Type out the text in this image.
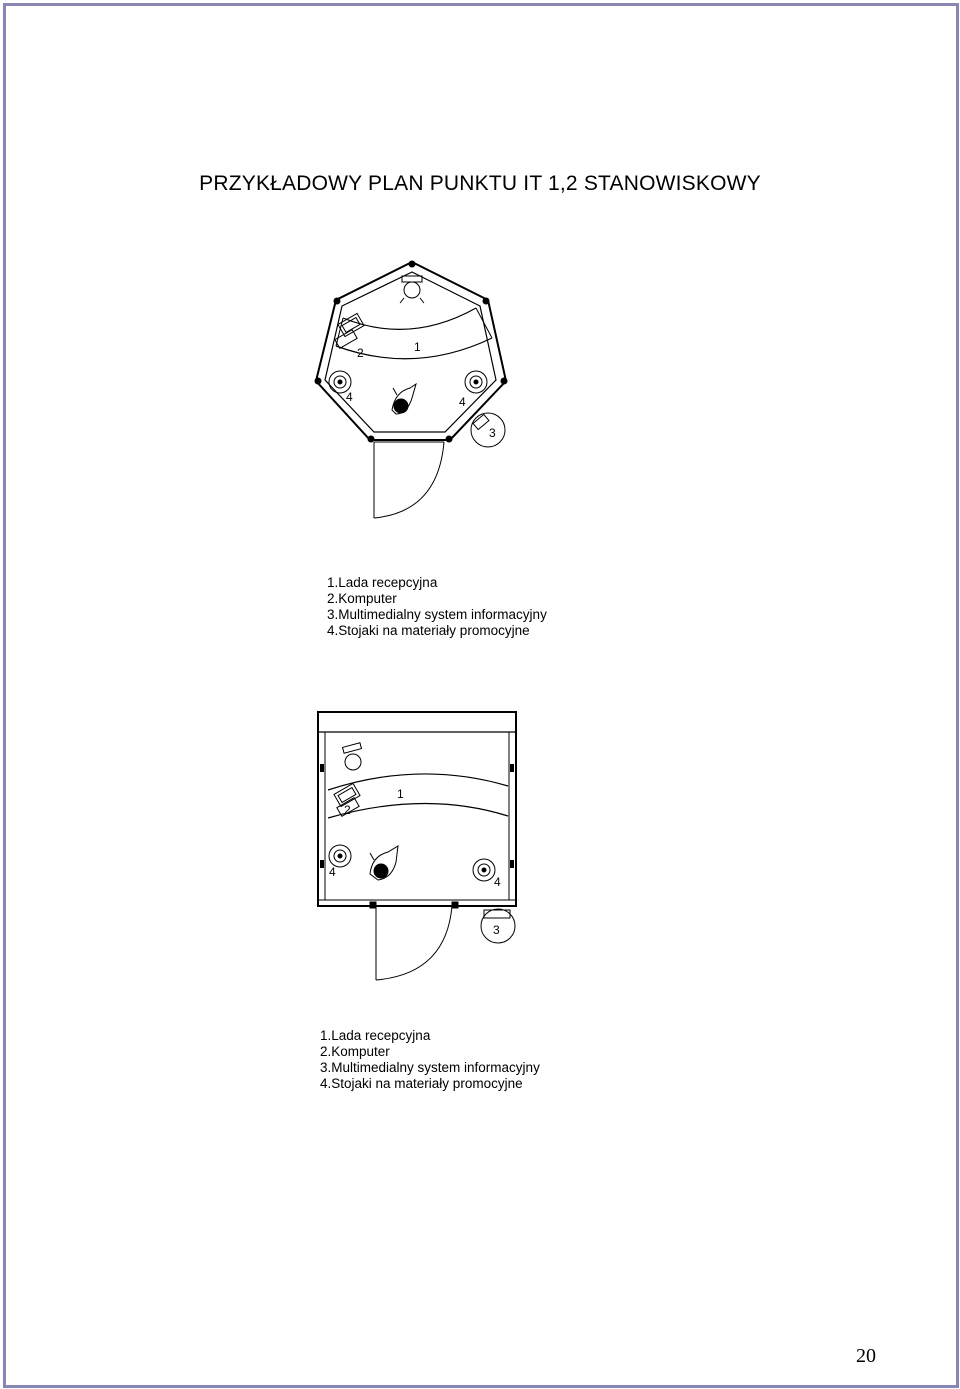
PRZYKŁADOWY PLAN PUNKTU IT 1,2 STANOWISKOWY
1
2
4	4
3
1
2
4
4
3
1.Lada recepcyjna
2.Komputer
3.Multimedialny system informacyjny
4.Stojaki na materiały promocyjne
1.Lada recepcyjna
2.Komputer
3.Multimedialny system informacyjny
4.Stojaki na materiały promocyjne
20
